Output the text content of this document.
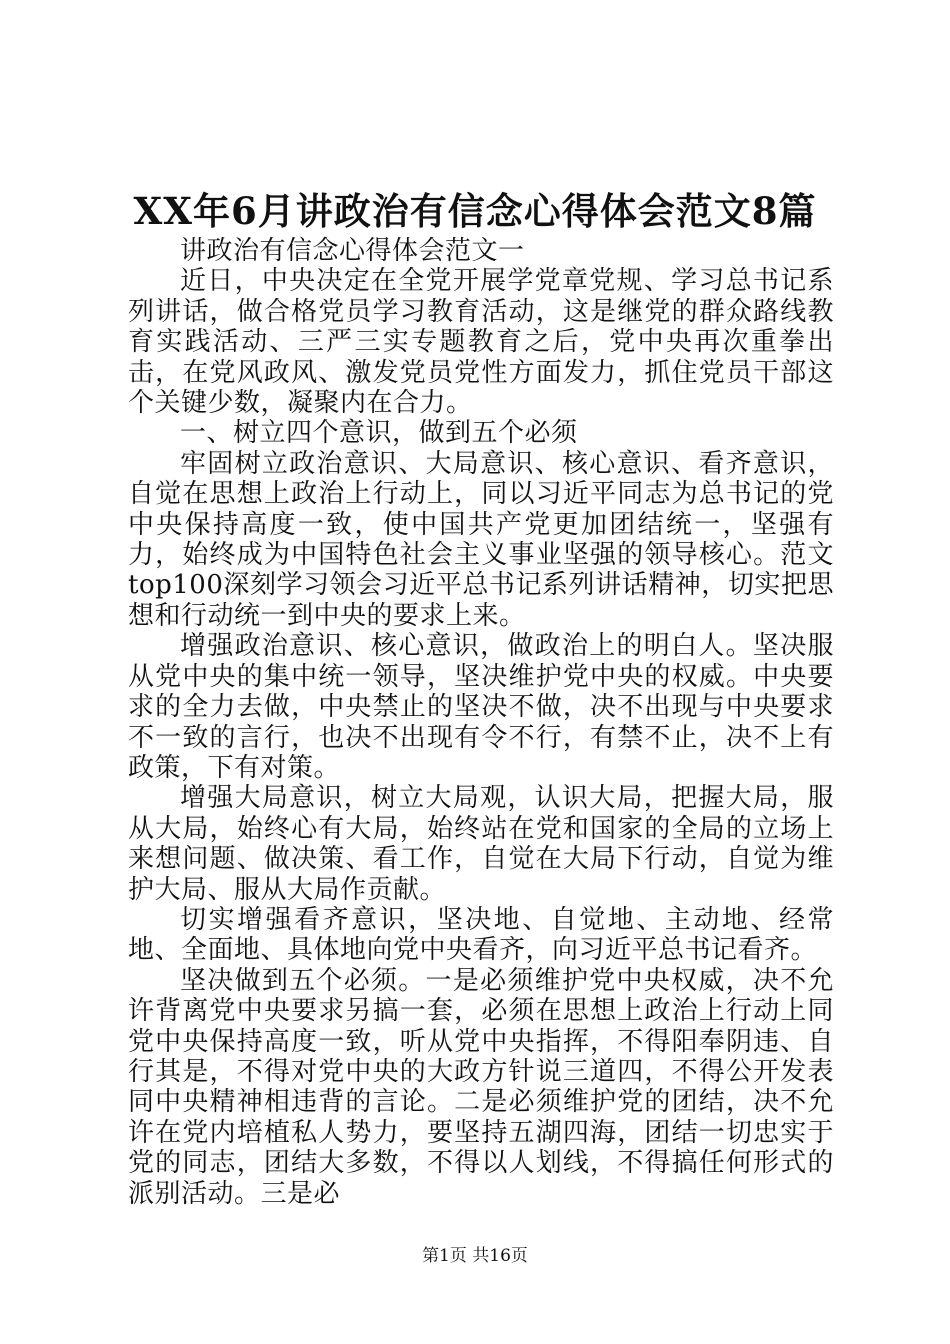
XX年6月讲政治有信念心得体会范文8篇

讲政治有信念心得体会范文一

近日，中央决定在全党开展学党章党规、学习总书记系列讲话，做合格党员学习教育活动，这是继党的群众路线教育实践活动、三严三实专题教育之后，党中央再次重拳出击，在党风政风、激发党员党性方面发力，抓住党员干部这个关键少数，凝聚内在合力。

一、树立四个意识，做到五个必须

牢固树立政治意识、大局意识、核心意识、看齐意识，自觉在思想上政治上行动上，同以习近平同志为总书记的党中央保持高度一致，使中国共产党更加团结统一，坚强有力，始终成为中国特色社会主义事业坚强的领导核心。范文top100深刻学习领会习近平总书记系列讲话精神，切实把思想和行动统一到中央的要求上来。

增强政治意识、核心意识，做政治上的明白人。坚决服从党中央的集中统一领导，坚决维护党中央的权威。中央要求的全力去做，中央禁止的坚决不做，决不出现与中央要求不一致的言行，也决不出现有令不行，有禁不止，决不上有政策，下有对策。

增强大局意识，树立大局观，认识大局，把握大局，服从大局，始终心有大局，始终站在党和国家的全局的立场上来想问题、做决策、看工作，自觉在大局下行动，自觉为维护大局、服从大局作贡献。

切实增强看齐意识，坚决地、自觉地、主动地、经常地、全面地、具体地向党中央看齐，向习近平总书记看齐。

坚决做到五个必须。一是必须维护党中央权威，决不允许背离党中央要求另搞一套，必须在思想上政治上行动上同党中央保持高度一致，听从党中央指挥，不得阳奉阴违、自行其是，不得对党中央的大政方针说三道四，不得公开发表同中央精神相违背的言论。二是必须维护党的团结，决不允许在党内培植私人势力，要坚持五湖四海，团结一切忠实于党的同志，团结大多数，不得以人划线，不得搞任何形式的派别活动。三是必

第1页 共16页
